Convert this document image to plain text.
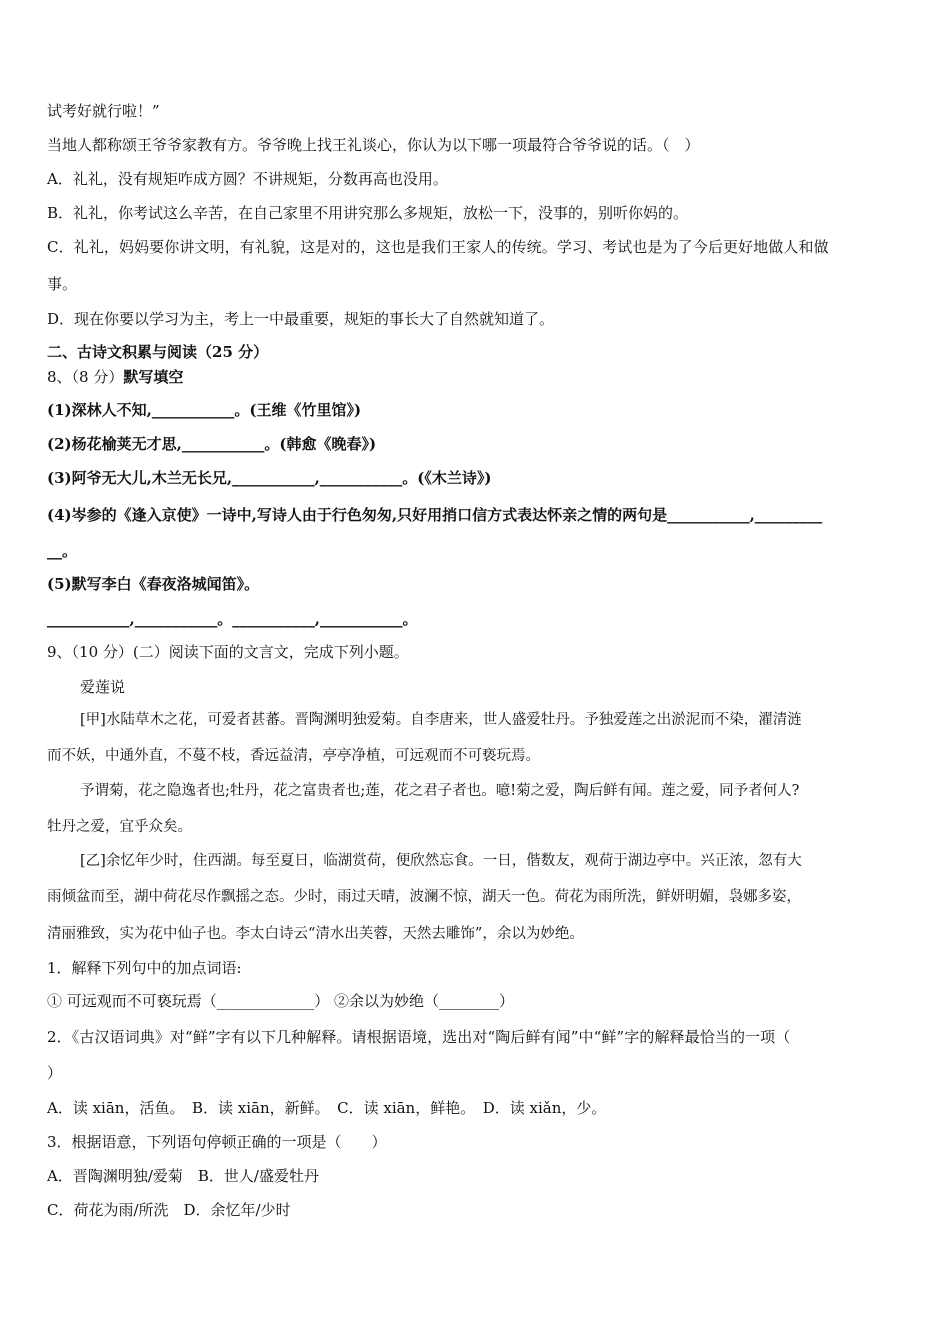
试考好就行啦！”
当地人都称颂王爷爷家教有方。爷爷晚上找王礼谈心，你认为以下哪一项最符合爷爷说的话。（　）
A．礼礼，没有规矩咋成方圆？不讲规矩，分数再高也没用。
B．礼礼，你考试这么辛苦，在自己家里不用讲究那么多规矩，放松一下，没事的，别听你妈的。
C．礼礼，妈妈要你讲文明，有礼貌，这是对的，这也是我们王家人的传统。学习、考试也是为了今后更好地做人和做
事。
D．现在你要以学习为主，考上一中最重要，规矩的事长大了自然就知道了。
二、古诗文积累与阅读（25 分）
8、（8 分）默写填空
(1)深林人不知,___________。(王维《竹里馆》)
(2)杨花榆荚无才思,___________。(韩愈《晚春》)
(3)阿爷无大儿,木兰无长兄,___________,___________。(《木兰诗》)
(4)岑参的《逢入京使》一诗中,写诗人由于行色匆匆,只好用捎口信方式表达怀亲之情的两句是___________,_________
__。
(5)默写李白《春夜洛城闻笛》。
___________,___________。___________,___________。
9、（10 分）(二）阅读下面的文言文，完成下列小题。
爱莲说
[甲]水陆草木之花，可爱者甚蕃。晋陶渊明独爱菊。自李唐来，世人盛爱牡丹。予独爱莲之出淤泥而不染，濯清涟
而不妖，中通外直，不蔓不枝，香远益清，亭亭净植，可远观而不可亵玩焉。
予谓菊，花之隐逸者也;牡丹，花之富贵者也;莲，花之君子者也。噫!菊之爱，陶后鲜有闻。莲之爱，同予者何人?
牡丹之爱，宜乎众矣。
[乙]余忆年少时，住西湖。每至夏日，临湖赏荷，便欣然忘食。一日，偕数友，观荷于湖边亭中。兴正浓，忽有大
雨倾盆而至，湖中荷花尽作飘摇之态。少时，雨过天晴，波澜不惊，湖天一色。荷花为雨所洗，鲜妍明媚，袅娜多姿，
清丽雅致，实为花中仙子也。李太白诗云“清水出芙蓉，天然去雕饰”，余以为妙绝。
1．解释下列句中的加点词语:
① 可远观而不可亵玩焉（_____________） ②余以为妙绝（________）
2．《古汉语词典》对“鲜”字有以下几种解释。请根据语境，选出对“陶后鲜有闻”中“鲜”字的解释最恰当的一项（
）
A．读 xiān，活鱼。　B．读 xiān，新鲜。　C．读 xiān，鲜艳。　D．读 xiǎn，少。
3．根据语意，下列语句停顿正确的一项是（　　）
A．晋陶渊明独/爱菊　B．世人/盛爱牡丹
C．荷花为雨/所洗　D．余忆年/少时
